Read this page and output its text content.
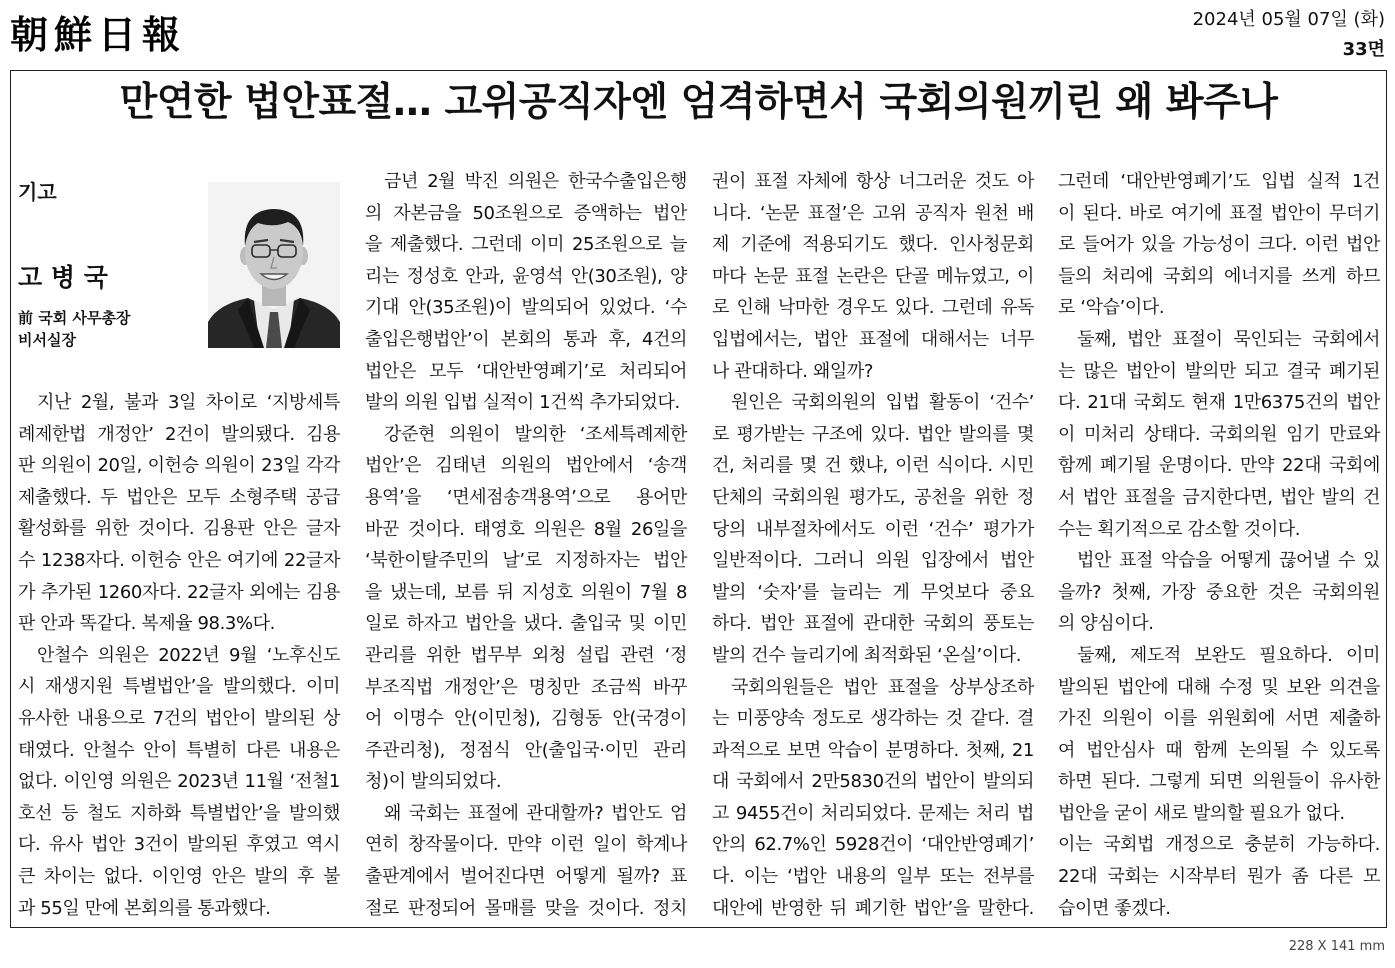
朝鮮日報	2024년 05월 07일 (화)
33면
만연한 법안표절… 고위공직자엔 엄격하면서 국회의원끼린 왜 봐주나
기고
고 병 국
前 국회 사무총장
비서실장
지난 2월, 불과 3일 차이로 ‘지방세특
례제한법 개정안’ 2건이 발의됐다. 김용
판 의원이 20일, 이헌승 의원이 23일 각각
제출했다. 두 법안은 모두 소형주택 공급
활성화를 위한 것이다. 김용판 안은 글자
수 1238자다. 이헌승 안은 여기에 22글자
가 추가된 1260자다. 22글자 외에는 김용
판 안과 똑같다. 복제율 98.3%다.
안철수 의원은 2022년 9월 ‘노후신도
시 재생지원 특별법안’을 발의했다. 이미
유사한 내용으로 7건의 법안이 발의된 상
태였다. 안철수 안이 특별히 다른 내용은
없다. 이인영 의원은 2023년 11월 ‘전철1
호선 등 철도 지하화 특별법안’을 발의했
다. 유사 법안 3건이 발의된 후였고 역시
큰 차이는 없다. 이인영 안은 발의 후 불
과 55일 만에 본회의를 통과했다.
금년 2월 박진 의원은 한국수출입은행
의 자본금을 50조원으로 증액하는 법안
을 제출했다. 그런데 이미 25조원으로 늘
리는 정성호 안과, 윤영석 안(30조원), 양
기대 안(35조원)이 발의되어 있었다. ‘수
출입은행법안’이 본회의 통과 후, 4건의
법안은 모두 ‘대안반영폐기’로 처리되어
발의 의원 입법 실적이 1건씩 추가되었다.
강준현 의원이 발의한 ‘조세특례제한
법안’은 김태년 의원의 법안에서 ‘송객
용역’을 ‘면세점송객용역’으로 용어만
바꾼 것이다. 태영호 의원은 8월 26일을
‘북한이탈주민의 날’로 지정하자는 법안
을 냈는데, 보름 뒤 지성호 의원이 7월 8
일로 하자고 법안을 냈다. 출입국 및 이민
관리를 위한 법무부 외청 설립 관련 ‘정
부조직법 개정안’은 명칭만 조금씩 바꾸
어 이명수 안(이민청), 김형동 안(국경이
주관리청), 정점식 안(출입국·이민 관리
청)이 발의되었다.
왜 국회는 표절에 관대할까? 법안도 엄
연히 창작물이다. 만약 이런 일이 학계나
출판계에서 벌어진다면 어떻게 될까? 표
절로 판정되어 몰매를 맞을 것이다. 정치
권이 표절 자체에 항상 너그러운 것도 아
니다. ‘논문 표절’은 고위 공직자 원천 배
제 기준에 적용되기도 했다. 인사청문회
마다 논문 표절 논란은 단골 메뉴였고, 이
로 인해 낙마한 경우도 있다. 그런데 유독
입법에서는, 법안 표절에 대해서는 너무
나 관대하다. 왜일까?
원인은 국회의원의 입법 활동이 ‘건수’
로 평가받는 구조에 있다. 법안 발의를 몇
건, 처리를 몇 건 했냐, 이런 식이다. 시민
단체의 국회의원 평가도, 공천을 위한 정
당의 내부절차에서도 이런 ‘건수’ 평가가
일반적이다. 그러니 의원 입장에서 법안
발의 ‘숫자’를 늘리는 게 무엇보다 중요
하다. 법안 표절에 관대한 국회의 풍토는
발의 건수 늘리기에 최적화된 ‘온실’이다.
국회의원들은 법안 표절을 상부상조하
는 미풍양속 정도로 생각하는 것 같다. 결
과적으로 보면 악습이 분명하다. 첫째, 21
대 국회에서 2만5830건의 법안이 발의되
고 9455건이 처리되었다. 문제는 처리 법
안의 62.7%인 5928건이 ‘대안반영폐기’
다. 이는 ‘법안 내용의 일부 또는 전부를
대안에 반영한 뒤 폐기한 법안’을 말한다.
그런데 ‘대안반영폐기’도 입법 실적 1건
이 된다. 바로 여기에 표절 법안이 무더기
로 들어가 있을 가능성이 크다. 이런 법안
들의 처리에 국회의 에너지를 쓰게 하므
로 ‘악습’이다.
둘째, 법안 표절이 묵인되는 국회에서
는 많은 법안이 발의만 되고 결국 폐기된
다. 21대 국회도 현재 1만6375건의 법안
이 미처리 상태다. 국회의원 임기 만료와
함께 폐기될 운명이다. 만약 22대 국회에
서 법안 표절을 금지한다면, 법안 발의 건
수는 획기적으로 감소할 것이다.
법안 표절 악습을 어떻게 끊어낼 수 있
을까? 첫째, 가장 중요한 것은 국회의원
의 양심이다.
둘째, 제도적 보완도 필요하다. 이미
발의된 법안에 대해 수정 및 보완 의견을
가진 의원이 이를 위원회에 서면 제출하
여 법안심사 때 함께 논의될 수 있도록
하면 된다. 그렇게 되면 의원들이 유사한
법안을 굳이 새로 발의할 필요가 없다.
이는 국회법 개정으로 충분히 가능하다.
22대 국회는 시작부터 뭔가 좀 다른 모
습이면 좋겠다.
228 X 141 mm
